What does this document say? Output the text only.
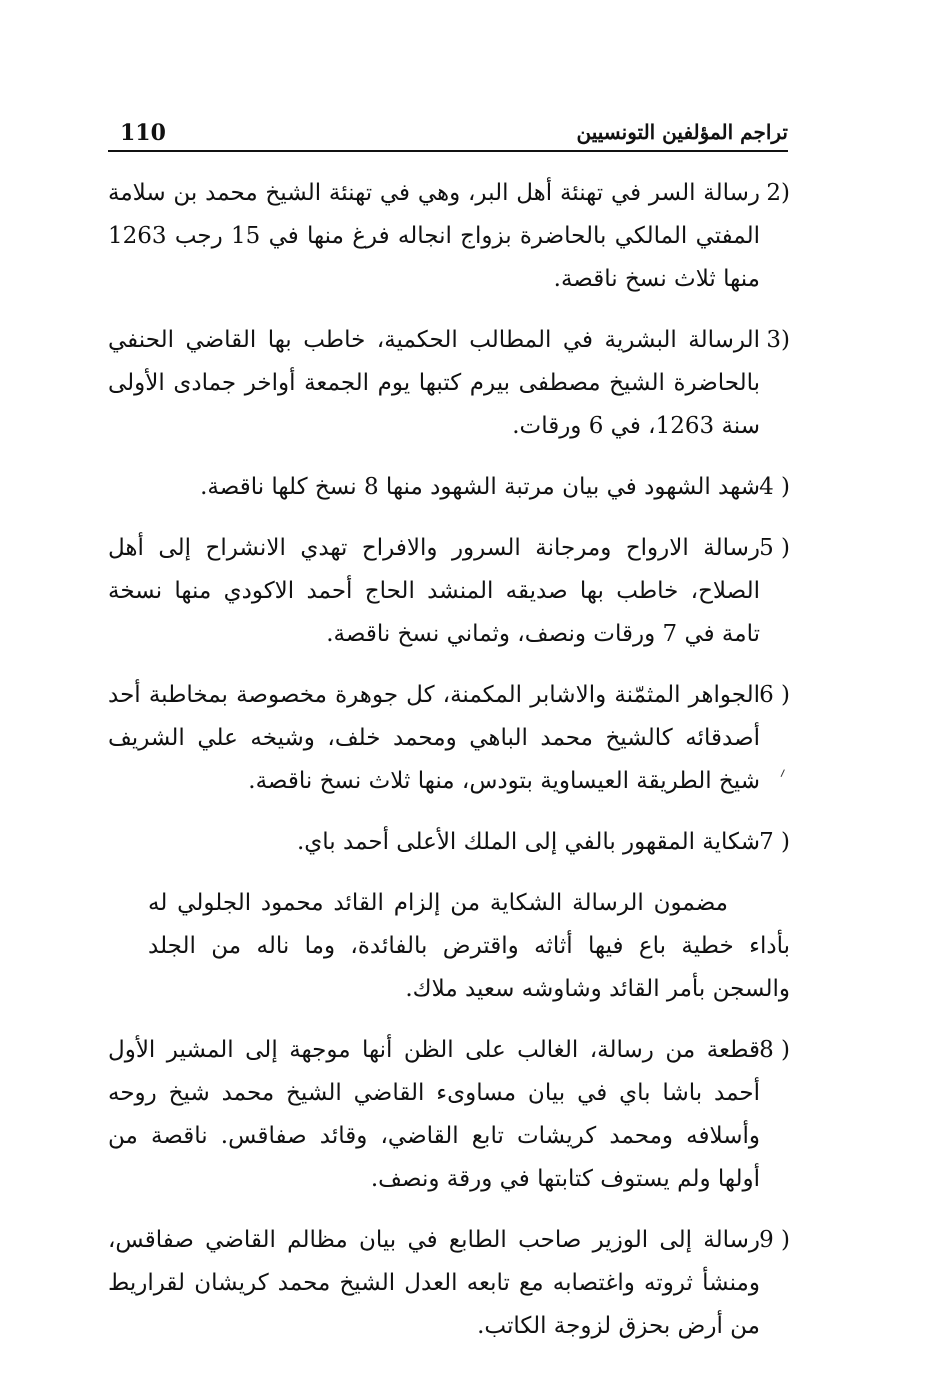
تراجم المؤلفين التونسيين
110
2)
رسالة السر في تهنئة أهل البر، وهي في تهنئة الشيخ محمد بن سلامة المفتي المالكي بالحاضرة بزواج انجاله فرغ منها في 15 رجب 1263 منها ثلاث نسخ ناقصة.
3)
الرسالة البشرية في المطالب الحكمية، خاطب بها القاضي الحنفي بالحاضرة الشيخ مصطفى بيرم كتبها يوم الجمعة أواخر جمادى الأولى سنة 1263، في 6 ورقات.
4 )
شهد الشهود في بيان مرتبة الشهود منها 8 نسخ كلها ناقصة.
5 )
رسالة الارواح ومرجانة السرور والافراح تهدي الانشراح إلى أهل الصلاح، خاطب بها صديقه المنشد الحاج أحمد الاكودي منها نسخة تامة في 7 ورقات ونصف، وثماني نسخ ناقصة.
6 )
الجواهر المثمّنة والاشابر المكمنة، كل جوهرة مخصوصة بمخاطبة أحد أصدقائه كالشيخ محمد الباهي ومحمد خلف، وشيخه علي الشريف شيخ الطريقة العيساوية بتودس، منها ثلاث نسخ ناقصة.
7 )
شكاية المقهور بالفي إلى الملك الأعلى أحمد باي.
مضمون الرسالة الشكاية من إلزام القائد محمود الجلولي له بأداء خطية باع فيها أثاثه واقترض بالفائدة، وما ناله من الجلد والسجن بأمر القائد وشاوشه سعيد ملاك.
8 )
قطعة من رسالة، الغالب على الظن أنها موجهة إلى المشير الأول أحمد باشا باي في بيان مساوىء القاضي الشيخ محمد شيخ روحه وأسلافه ومحمد كريشات تابع القاضي، وقائد صفاقس. ناقصة من أولها ولم يستوف كتابتها في ورقة ونصف.
9 )
رسالة إلى الوزير صاحب الطابع في بيان مظالم القاضي صفاقس، ومنشأ ثروته واغتصابه مع تابعه العدل الشيخ محمد كريشان لقراريط من أرض بحزق لزوجة الكاتب.
